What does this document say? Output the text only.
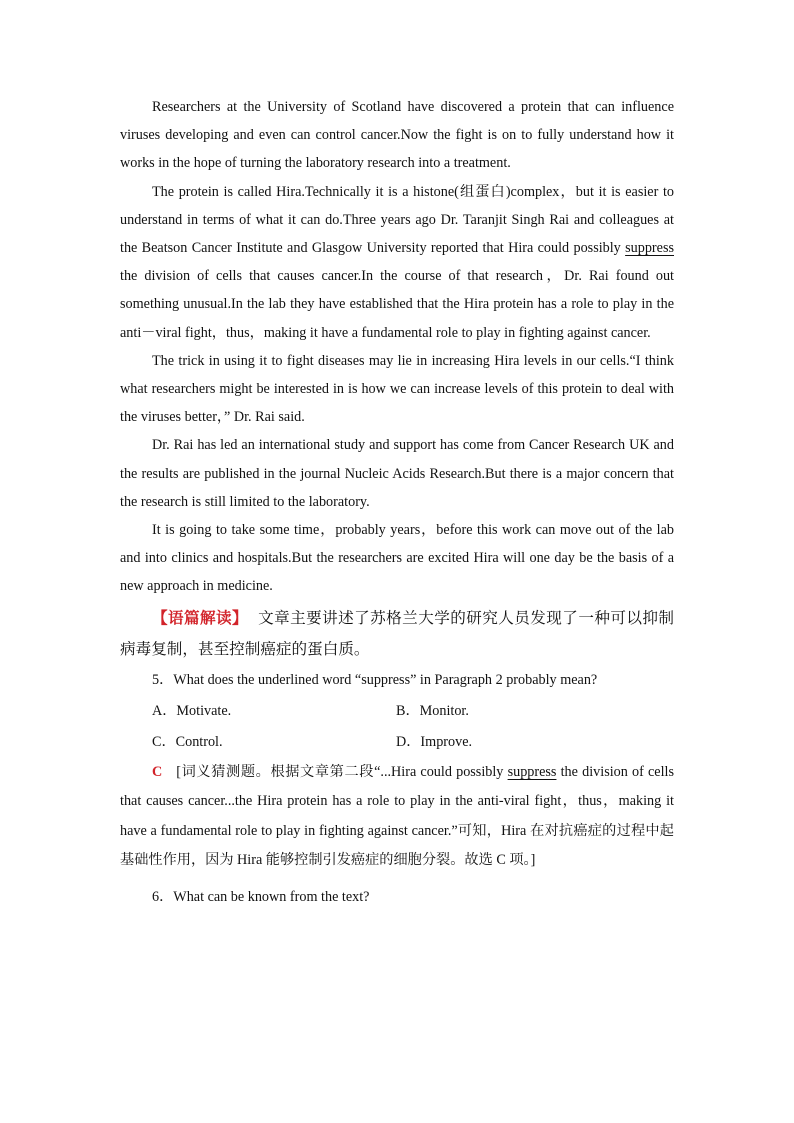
Researchers at the University of Scotland have discovered a protein that can influence viruses developing and even can control cancer.Now the fight is on to fully understand how it works in the hope of turning the laboratory research into a treatment.

The protein is called Hira.Technically it is a histone(组蛋白)complex，but it is easier to understand in terms of what it can do.Three years ago Dr. Taranjit Singh Rai and colleagues at the Beatson Cancer Institute and Glasgow University reported that Hira could possibly suppress the division of cells that causes cancer.In the course of that research，Dr. Rai found out something unusual.In the lab they have established that the Hira protein has a role to play in the anti－viral fight，thus，making it have a fundamental role to play in fighting against cancer.

The trick in using it to fight diseases may lie in increasing Hira levels in our cells.“I think what researchers might be interested in is how we can increase levels of this protein to deal with the viruses better，” Dr. Rai said.

Dr. Rai has led an international study and support has come from Cancer Research UK and the results are published in the journal Nucleic Acids Research.But there is a major concern that the research is still limited to the laboratory.

It is going to take some time，probably years，before this work can move out of the lab and into clinics and hospitals.But the researchers are excited Hira will one day be the basis of a new approach in medicine.

【语篇解读】 文章主要讲述了苏格兰大学的研究人员发现了一种可以抑制病毒复制，甚至控制癌症的蛋白质。

5．What does the underlined word “suppress” in Paragraph 2 probably mean?

A．Motivate.	B．Monitor.
C．Control.	D．Improve.

C [词义猜测题。根据文章第二段“...Hira could possibly suppress the division of cells that causes cancer...the Hira protein has a role to play in the anti-viral fight，thus，making it have a fundamental role to play in fighting against cancer.”可知，Hira 在对抗癌症的过程中起基础性作用，因为 Hira 能够控制引发癌症的细胞分裂。故选 C 项。]

6．What can be known from the text?
